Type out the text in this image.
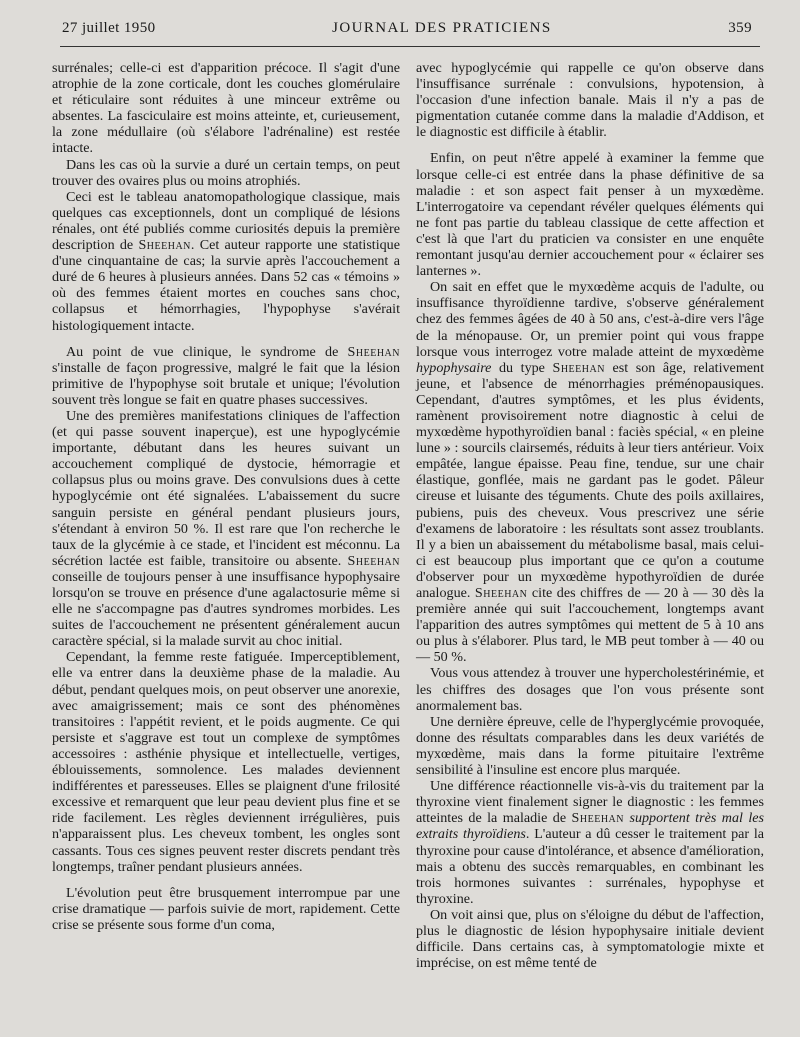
27 juillet 1950	JOURNAL DES PRATICIENS	359

surrénales; celle-ci est d'apparition précoce. Il s'agit d'une atrophie de la zone corticale, dont les couches glomérulaire et réticulaire sont réduites à une minceur extrême ou absentes. La fasciculaire est moins atteinte, et, curieusement, la zone médullaire (où s'élabore l'adrénaline) est restée intacte.

Dans les cas où la survie a duré un certain temps, on peut trouver des ovaires plus ou moins atrophiés.

Ceci est le tableau anatomopathologique classique, mais quelques cas exceptionnels, dont un compliqué de lésions rénales, ont été publiés comme curiosités depuis la première description de Sheehan. Cet auteur rapporte une statistique d'une cinquantaine de cas; la survie après l'accouchement a duré de 6 heures à plusieurs années. Dans 52 cas « témoins » où des femmes étaient mortes en couches sans choc, collapsus et hémorrhagies, l'hypophyse s'avérait histologiquement intacte.

Au point de vue clinique, le syndrome de Sheehan s'installe de façon progressive, malgré le fait que la lésion primitive de l'hypophyse soit brutale et unique; l'évolution souvent très longue se fait en quatre phases successives.

Une des premières manifestations cliniques de l'affection (et qui passe souvent inaperçue), est une hypoglycémie importante, débutant dans les heures suivant un accouchement compliqué de dystocie, hémorragie et collapsus plus ou moins grave. Des convulsions dues à cette hypoglycémie ont été signalées. L'abaissement du sucre sanguin persiste en général pendant plusieurs jours, s'étendant à environ 50 %. Il est rare que l'on recherche le taux de la glycémie à ce stade, et l'incident est méconnu. La sécrétion lactée est faible, transitoire ou absente. Sheehan conseille de toujours penser à une insuffisance hypophysaire lorsqu'on se trouve en présence d'une agalactosurie même si elle ne s'accompagne pas d'autres syndromes morbides. Les suites de l'accouchement ne présentent généralement aucun caractère spécial, si la malade survit au choc initial.

Cependant, la femme reste fatiguée. Imperceptiblement, elle va entrer dans la deuxième phase de la maladie. Au début, pendant quelques mois, on peut observer une anorexie, avec amaigrissement; mais ce sont des phénomènes transitoires : l'appétit revient, et le poids augmente. Ce qui persiste et s'aggrave est tout un complexe de symptômes accessoires : asthénie physique et intellectuelle, vertiges, éblouissements, somnolence. Les malades deviennent indifférentes et paresseuses. Elles se plaignent d'une frilosité excessive et remarquent que leur peau devient plus fine et se ride facilement. Les règles deviennent irrégulières, puis n'apparaissent plus. Les cheveux tombent, les ongles sont cassants. Tous ces signes peuvent rester discrets pendant très longtemps, traîner pendant plusieurs années.

L'évolution peut être brusquement interrompue par une crise dramatique — parfois suivie de mort, rapidement. Cette crise se présente sous forme d'un coma,

avec hypoglycémie qui rappelle ce qu'on observe dans l'insuffisance surrénale : convulsions, hypotension, à l'occasion d'une infection banale. Mais il n'y a pas de pigmentation cutanée comme dans la maladie d'Addison, et le diagnostic est difficile à établir.

Enfin, on peut n'être appelé à examiner la femme que lorsque celle-ci est entrée dans la phase définitive de sa maladie : et son aspect fait penser à un myxœdème. L'interrogatoire va cependant révéler quelques éléments qui ne font pas partie du tableau classique de cette affection et c'est là que l'art du praticien va consister en une enquête remontant jusqu'au dernier accouchement pour « éclairer ses lanternes ».

On sait en effet que le myxœdème acquis de l'adulte, ou insuffisance thyroïdienne tardive, s'observe généralement chez des femmes âgées de 40 à 50 ans, c'est-à-dire vers l'âge de la ménopause. Or, un premier point qui vous frappe lorsque vous interrogez votre malade atteint de myxœdème hypophysaire du type Sheehan est son âge, relativement jeune, et l'absence de ménorrhagies préménopausiques. Cependant, d'autres symptômes, et les plus évidents, ramènent provisoirement notre diagnostic à celui de myxœdème hypothyroïdien banal : faciès spécial, « en pleine lune » : sourcils clairsemés, réduits à leur tiers antérieur. Voix empâtée, langue épaisse. Peau fine, tendue, sur une chair élastique, gonflée, mais ne gardant pas le godet. Pâleur cireuse et luisante des téguments. Chute des poils axillaires, pubiens, puis des cheveux. Vous prescrivez une série d'examens de laboratoire : les résultats sont assez troublants. Il y a bien un abaissement du métabolisme basal, mais celui-ci est beaucoup plus important que ce qu'on a coutume d'observer pour un myxœdème hypothyroïdien de durée analogue. Sheehan cite des chiffres de — 20 à — 30 dès la première année qui suit l'accouchement, longtemps avant l'apparition des autres symptômes qui mettent de 5 à 10 ans ou plus à s'élaborer. Plus tard, le MB peut tomber à — 40 ou — 50 %.

Vous vous attendez à trouver une hypercholestérinémie, et les chiffres des dosages que l'on vous présente sont anormalement bas.

Une dernière épreuve, celle de l'hyperglycémie provoquée, donne des résultats comparables dans les deux variétés de myxœdème, mais dans la forme pituitaire l'extrême sensibilité à l'insuline est encore plus marquée.

Une différence réactionnelle vis-à-vis du traitement par la thyroxine vient finalement signer le diagnostic : les femmes atteintes de la maladie de Sheehan supportent très mal les extraits thyroïdiens. L'auteur a dû cesser le traitement par la thyroxine pour cause d'intolérance, et absence d'amélioration, mais a obtenu des succès remarquables, en combinant les trois hormones suivantes : surrénales, hypophyse et thyroxine.

On voit ainsi que, plus on s'éloigne du début de l'affection, plus le diagnostic de lésion hypophysaire initiale devient difficile. Dans certains cas, à symptomatologie mixte et imprécise, on est même tenté de
